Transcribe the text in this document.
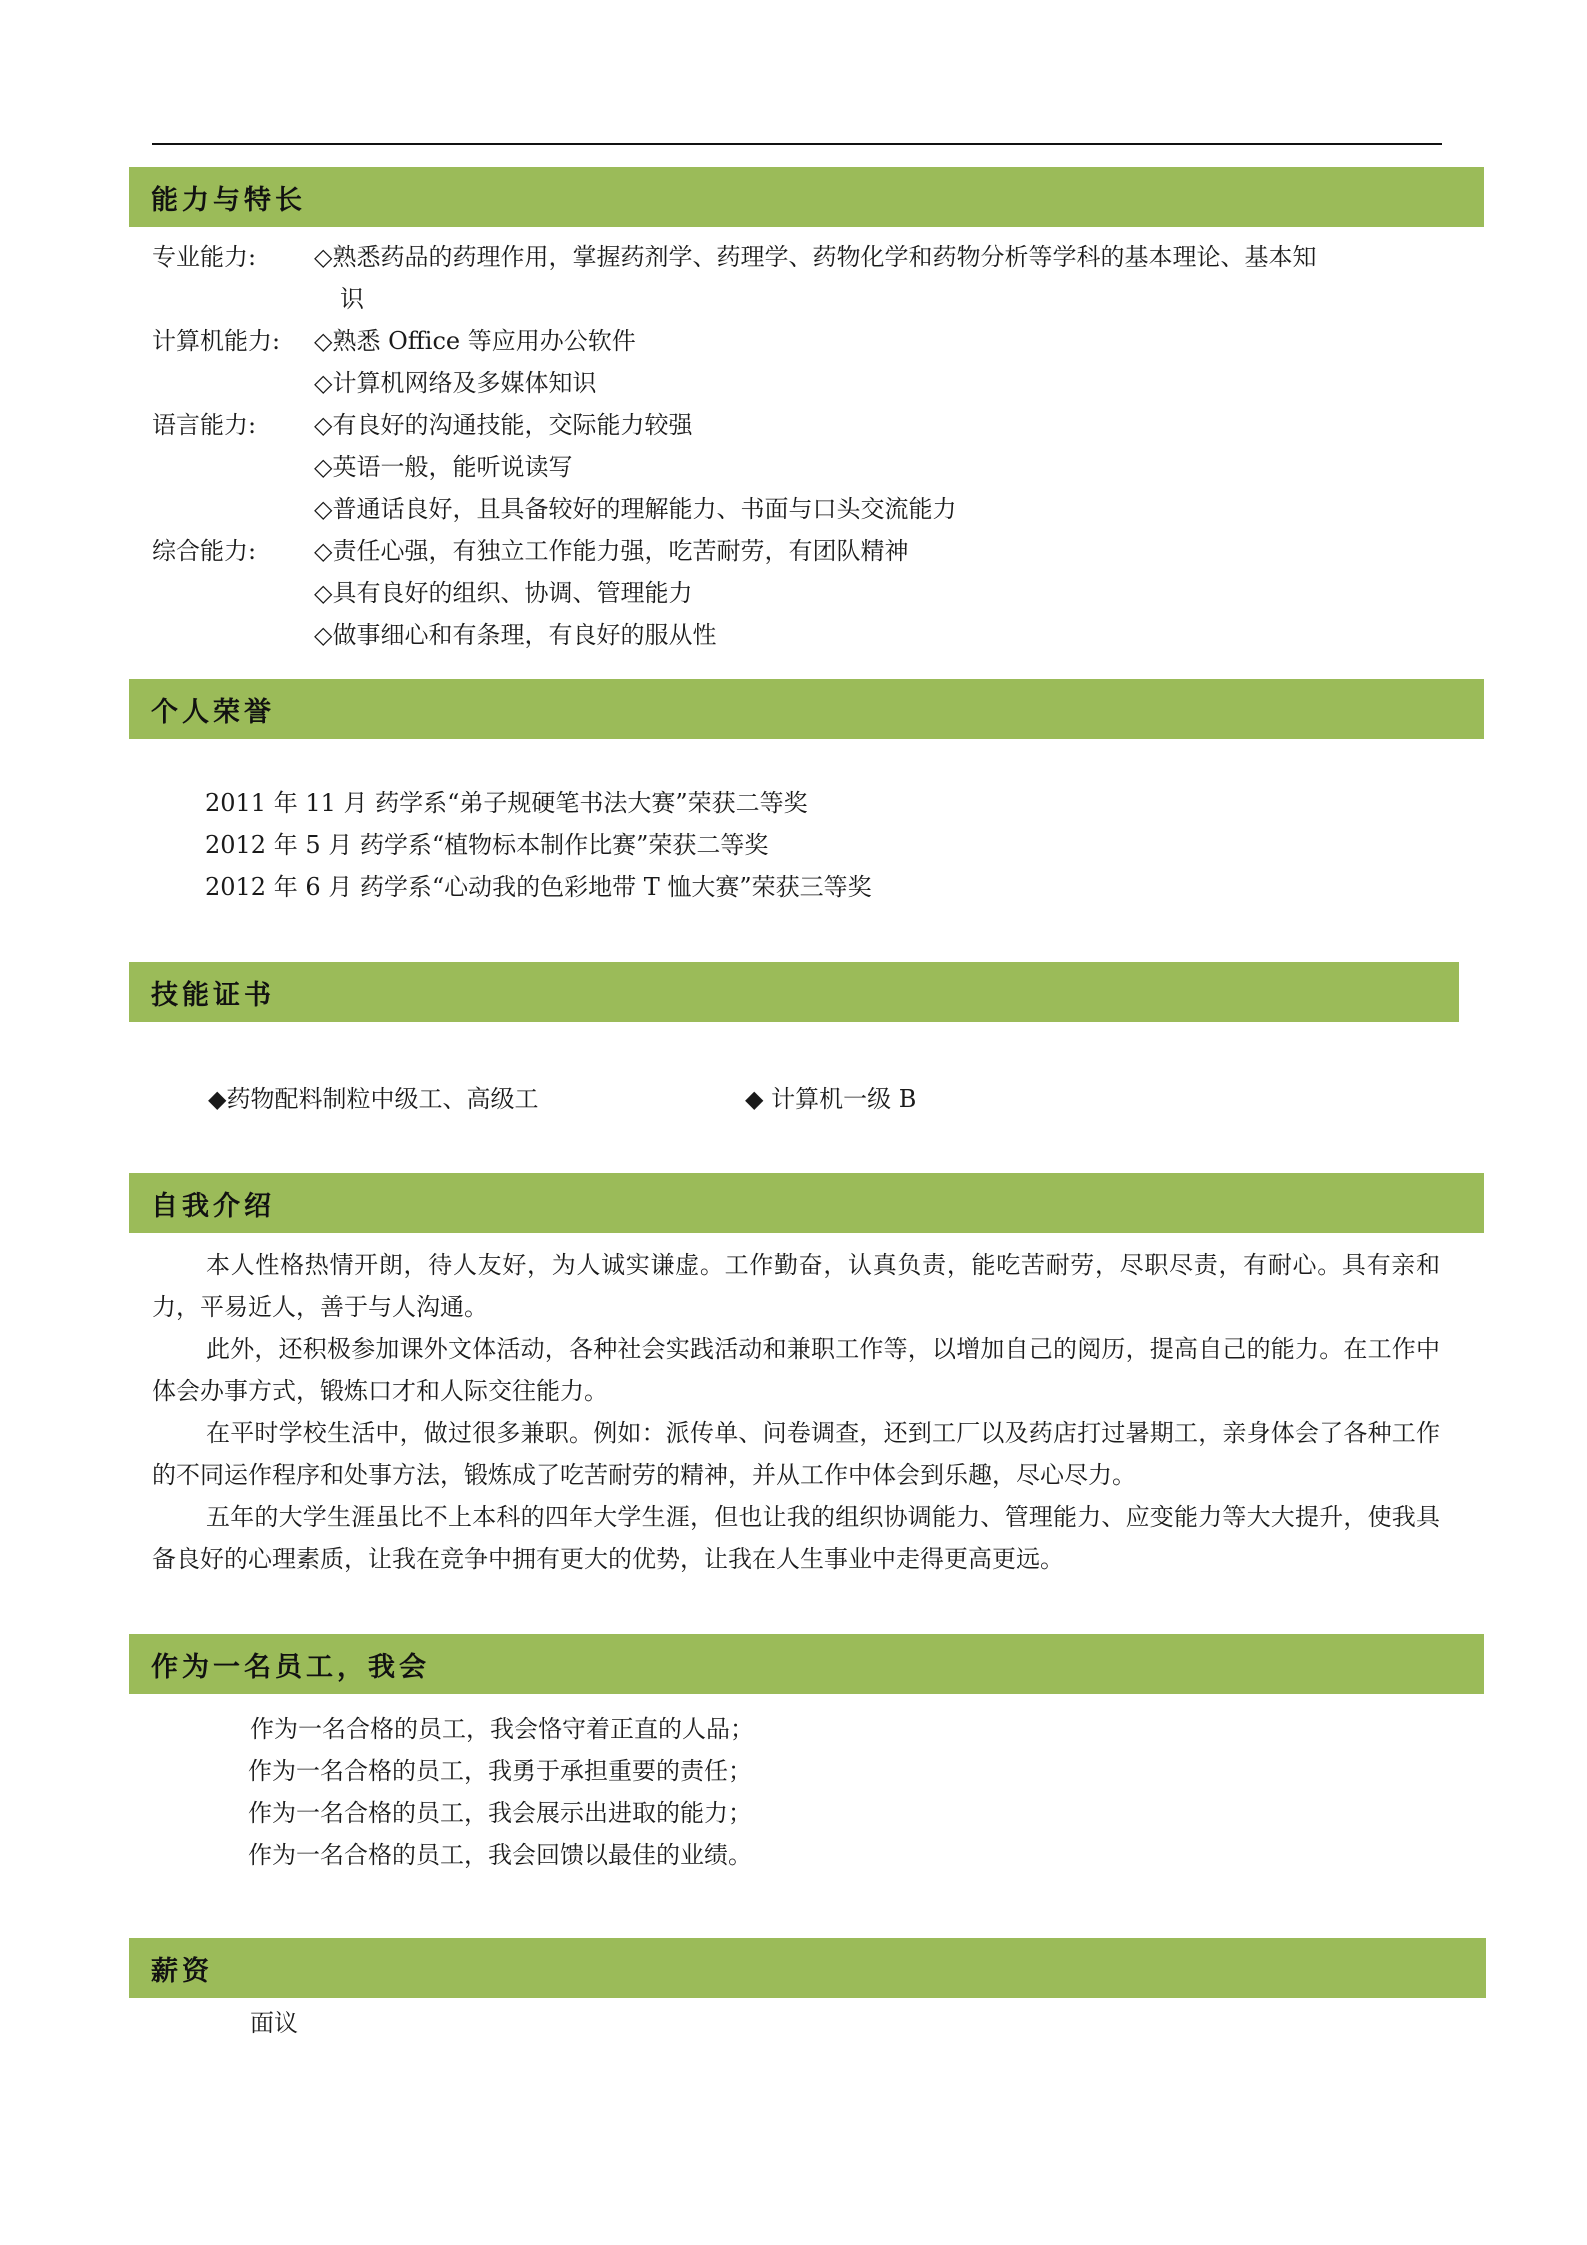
能力与特长
专业能力: ◇熟悉药品的药理作用，掌握药剂学、药理学、药物化学和药物分析等学科的基本理论、基本知
识
计算机能力: ◇熟悉 Office 等应用办公软件
◇计算机网络及多媒体知识
语言能力: ◇有良好的沟通技能，交际能力较强
◇英语一般，能听说读写
◇普通话良好，且具备较好的理解能力、书面与口头交流能力
综合能力: ◇责任心强，有独立工作能力强，吃苦耐劳，有团队精神
◇具有良好的组织、协调、管理能力
◇做事细心和有条理，有良好的服从性
个人荣誉
2011 年 11 月 药学系“弟子规硬笔书法大赛”荣获二等奖
2012 年 5 月 药学系“植物标本制作比赛”荣获二等奖
2012 年 6 月 药学系“心动我的色彩地带 T 恤大赛”荣获三等奖
技能证书
◆药物配料制粒中级工、高级工	◆ 计算机一级 B
自我介绍
本人性格热情开朗，待人友好，为人诚实谦虚。工作勤奋，认真负责，能吃苦耐劳，尽职尽责，有耐心。具有亲和力，平易近人，善于与人沟通。
此外，还积极参加课外文体活动，各种社会实践活动和兼职工作等，以增加自己的阅历，提高自己的能力。在工作中体会办事方式，锻炼口才和人际交往能力。
在平时学校生活中，做过很多兼职。例如：派传单、问卷调查，还到工厂以及药店打过暑期工，亲身体会了各种工作的不同运作程序和处事方法，锻炼成了吃苦耐劳的精神，并从工作中体会到乐趣，尽心尽力。
五年的大学生涯虽比不上本科的四年大学生涯，但也让我的组织协调能力、管理能力、应变能力等大大提升，使我具备良好的心理素质，让我在竞争中拥有更大的优势，让我在人生事业中走得更高更远。
作为一名员工，我会
作为一名合格的员工，我会恪守着正直的人品；
作为一名合格的员工，我勇于承担重要的责任；
作为一名合格的员工，我会展示出进取的能力；
作为一名合格的员工，我会回馈以最佳的业绩。
薪资
面议
